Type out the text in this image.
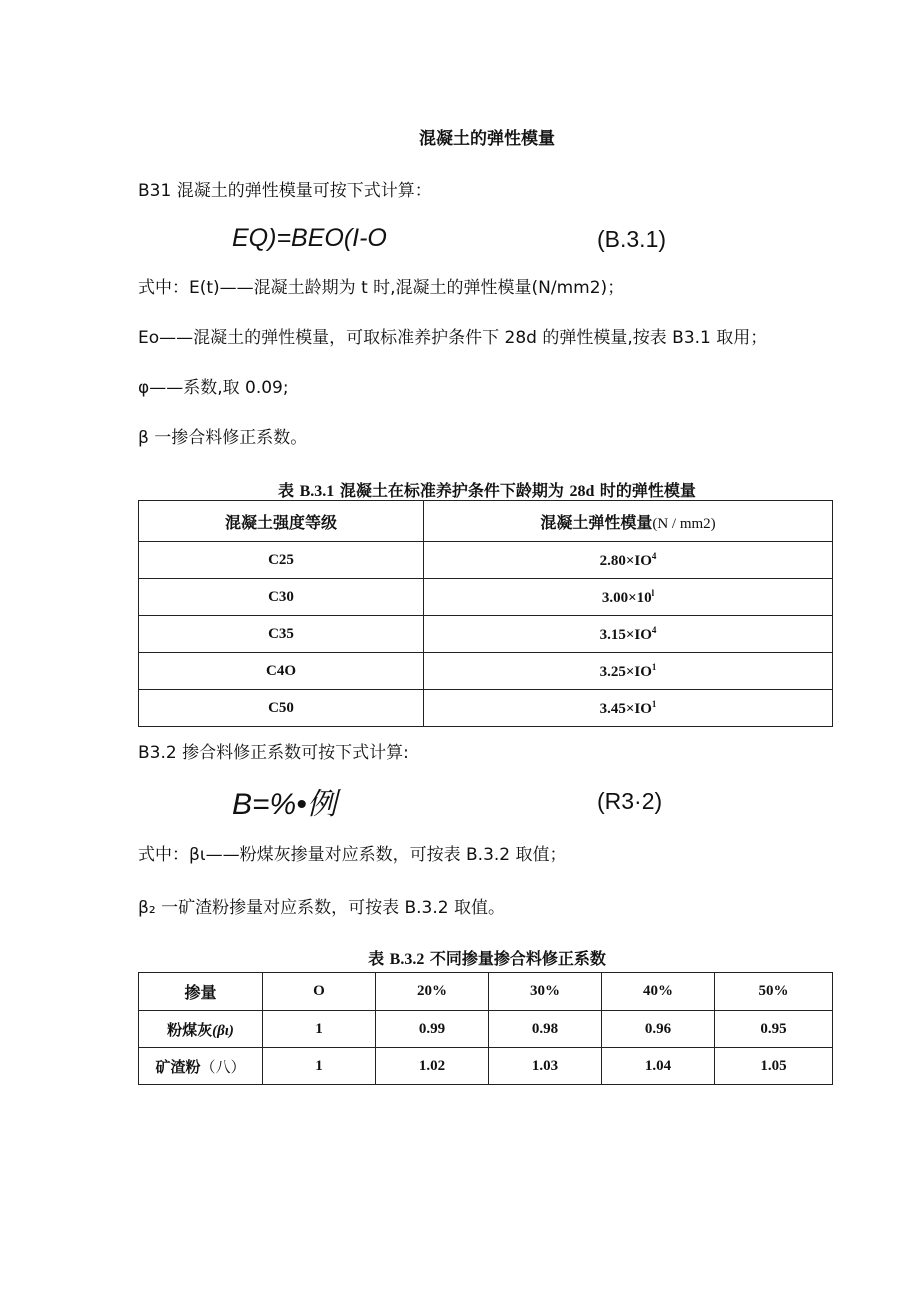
混凝土的弹性模量
B31 混凝土的弹性模量可按下式计算：
EQ)=BEO(I-O	(B.3.1)
式中：E(t)——混凝土龄期为 t 时,混凝土的弹性模量(N/mm2)；
Eo——混凝土的弹性模量，可取标准养护条件下 28d 的弹性模量,按表 B3.1 取用；
φ——系数,取 0.09;
β 一掺合料修正系数。
表 B.3.1 混凝土在标准养护条件下龄期为 28d 时的弹性模量
混凝土强度等级	混凝土弹性模量(N / mm2)
C25	$2.80\times IO^4$
C30	$3.00\times 10^l$
C35	$3.15\times IO^4$
C4O	$3.25\times IO^1$
C50	$3.45\times IO^1$
B3.2 掺合料修正系数可按下式计算:
B=%•例	(R3·2)
式中：βι——粉煤灰掺量对应系数，可按表 B.3.2 取值；
β₂ 一矿渣粉掺量对应系数，可按表 B.3.2 取值。
表 B.3.2 不同掺量掺合料修正系数
掺量	O	20%	30%	40%	50%
粉煤灰(βι)	1	0.99	0.98	0.96	0.95
矿渣粉（八）	1	1.02	1.03	1.04	1.05
